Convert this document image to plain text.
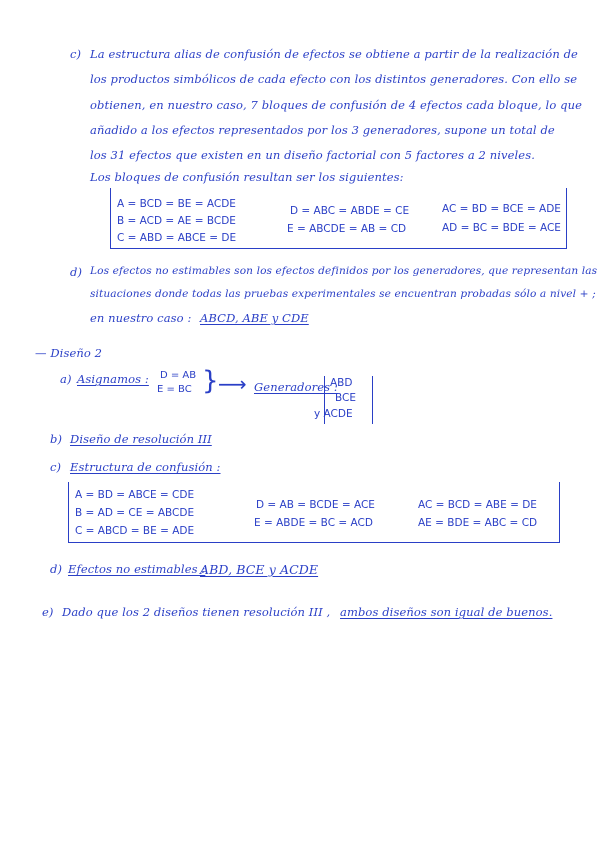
c) La estructura alias de confusión de efectos se obtiene a partir de la realización de
los productos simbólicos de cada efecto con los distintos generadores. Con ello se
obtienen, en nuestro caso, 7 bloques de confusión de 4 efectos cada bloque, lo que
añadido a los efectos representados por los 3 generadores, supone un total de
los 31 efectos que existen en un diseño factorial con 5 factores a 2 niveles.
Los bloques de confusión resultan ser los siguientes:
A = BCD = BE = ACDE
B = ACD = AE = BCDE
C = ABD = ABCE = DE
D = ABC = ABDE = CE
E = ABCDE = AB = CD
AC = BD = BCE = ADE
AD = BC = BDE = ACE
d) Los efectos no estimables son los efectos definidos por los generadores, que representan las
situaciones donde todas las pruebas experimentales se encuentran probadas sólo a nivel + ;
en nuestro caso : ABCD, ABE y CDE
— Diseño 2
a) Asignamos : D = AB
E = BC } ⟶ Generadores :
ABD
BCE
y ACDE
b) Diseño de resolución III
c) Estructura de confusión :
A = BD = ABCE = CDE
B = AD = CE = ABCDE
C = ABCD = BE = ADE
D = AB = BCDE = ACE
E = ABDE = BC = ACD
AC = BCD = ABE = DE
AE = BDE = ABC = CD
d) Efectos no estimables :
ABD, BCE y ACDE
e) Dado que los 2 diseños tienen resolución III , ambos diseños son igual de buenos.
